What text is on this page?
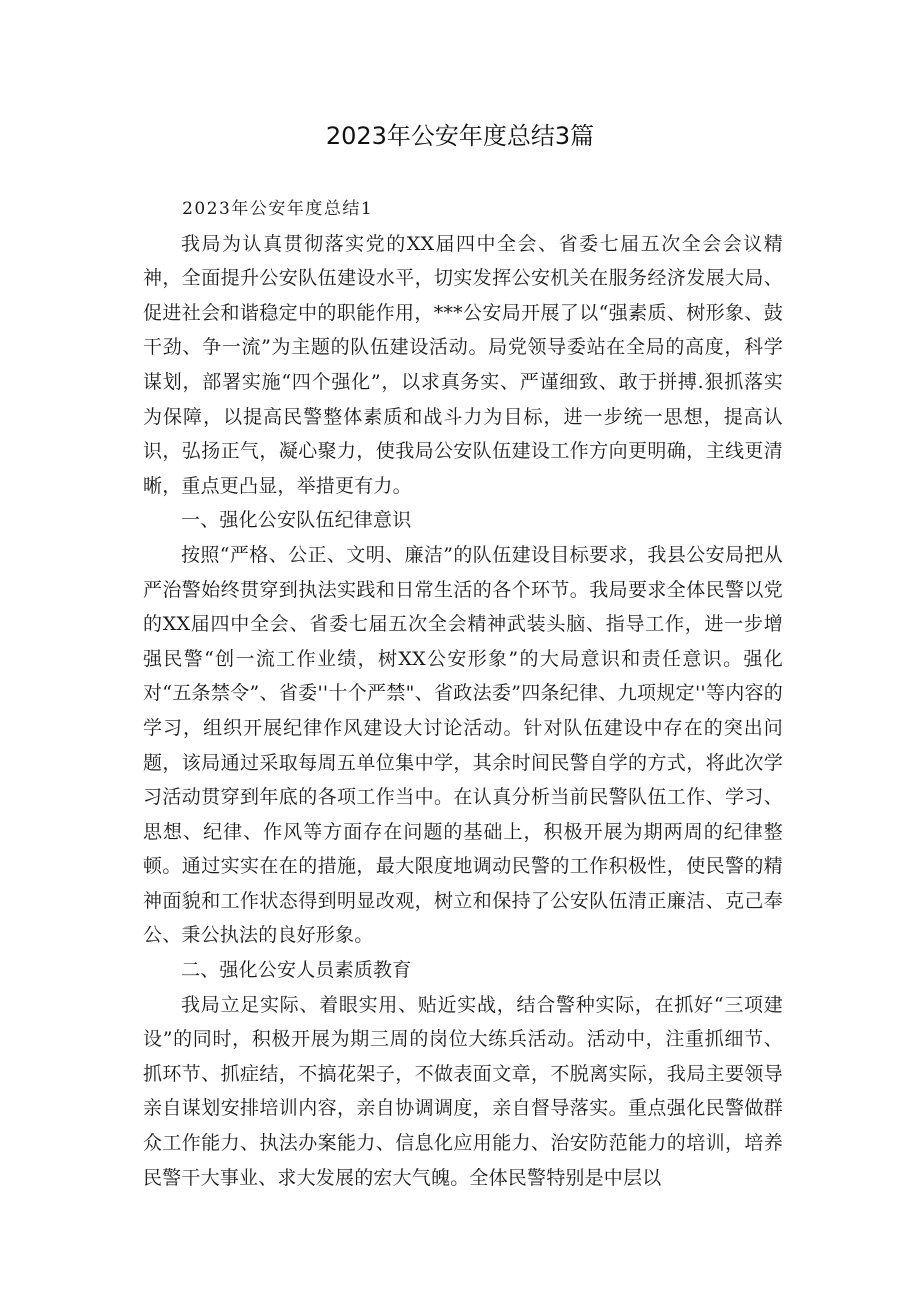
2023年公安年度总结3篇

2023年公安年度总结1

我局为认真贯彻落实党的XX届四中全会、省委七届五次全会会议精神，全面提升公安队伍建设水平，切实发挥公安机关在服务经济发展大局、促进社会和谐稳定中的职能作用，***公安局开展了以“强素质、树形象、鼓干劲、争一流”为主题的队伍建设活动。局党领导委站在全局的高度，科学谋划，部署实施“四个强化”，以求真务实、严谨细致、敢于拼搏.狠抓落实为保障，以提高民警整体素质和战斗力为目标，进一步统一思想，提高认识，弘扬正气，凝心聚力，使我局公安队伍建设工作方向更明确，主线更清晰，重点更凸显，举措更有力。

一、强化公安队伍纪律意识

按照“严格、公正、文明、廉洁”的队伍建设目标要求，我县公安局把从严治警始终贯穿到执法实践和日常生活的各个环节。我局要求全体民警以党的XX届四中全会、省委七届五次全会精神武装头脑、指导工作，进一步增强民警“创一流工作业绩，树XX公安形象”的大局意识和责任意识。强化对“五条禁令”、省委''十个严禁"、省政法委”四条纪律、九项规定''等内容的学习，组织开展纪律作风建设大讨论活动。针对队伍建设中存在的突出问题，该局通过采取每周五单位集中学，其余时间民警自学的方式，将此次学习活动贯穿到年底的各项工作当中。在认真分析当前民警队伍工作、学习、思想、纪律、作风等方面存在问题的基础上，积极开展为期两周的纪律整顿。通过实实在在的措施，最大限度地调动民警的工作积极性，使民警的精神面貌和工作状态得到明显改观，树立和保持了公安队伍清正廉洁、克己奉公、秉公执法的良好形象。

二、强化公安人员素质教育

我局立足实际、着眼实用、贴近实战，结合警种实际，在抓好“三项建设”的同时，积极开展为期三周的岗位大练兵活动。活动中，注重抓细节、抓环节、抓症结，不搞花架子，不做表面文章，不脱离实际，我局主要领导亲自谋划安排培训内容，亲自协调调度，亲自督导落实。重点强化民警做群众工作能力、执法办案能力、信息化应用能力、治安防范能力的培训，培养民警干大事业、求大发展的宏大气魄。全体民警特别是中层以
